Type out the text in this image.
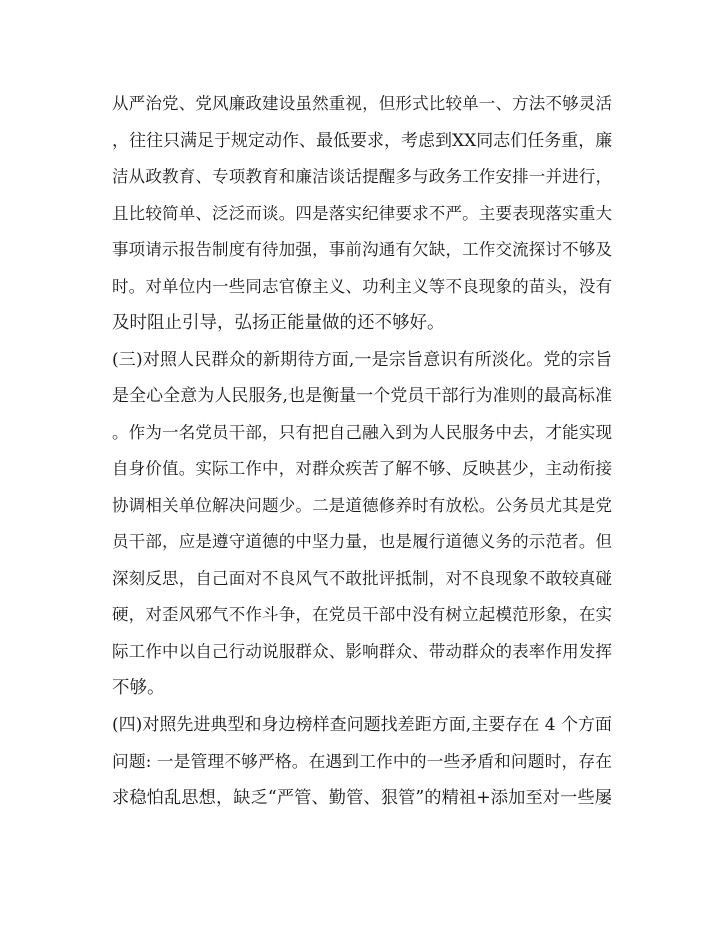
从严治党、党风廉政建设虽然重视，但形式比较单一、方法不够灵活
，往往只满足于规定动作、最低要求，考虑到XX同志们任务重，廉
洁从政教育、专项教育和廉洁谈话提醒多与政务工作安排一并进行，
且比较简单、泛泛而谈。四是落实纪律要求不严。主要表现落实重大
事项请示报告制度有待加强，事前沟通有欠缺，工作交流探讨不够及
时。对单位内一些同志官僚主义、功利主义等不良现象的苗头，没有
及时阻止引导，弘扬正能量做的还不够好。
(三)对照人民群众的新期待方面,一是宗旨意识有所淡化。党的宗旨
是全心全意为人民服务,也是衡量一个党员干部行为准则的最高标准
。作为一名党员干部，只有把自己融入到为人民服务中去，才能实现
自身价值。实际工作中，对群众疾苦了解不够、反映甚少，主动衔接
协调相关单位解决问题少。二是道德修养时有放松。公务员尤其是党
员干部，应是遵守道德的中坚力量，也是履行道德义务的示范者。但
深刻反思，自己面对不良风气不敢批评抵制，对不良现象不敢较真碰
硬，对歪风邪气不作斗争，在党员干部中没有树立起模范形象，在实
际工作中以自己行动说服群众、影响群众、带动群众的表率作用发挥
不够。
(四)对照先进典型和身边榜样查问题找差距方面,主要存在 4 个方面
问题: 一是管理不够严格。在遇到工作中的一些矛盾和问题时，存在
求稳怕乱思想，缺乏“严管、勤管、狠管”的精祖+添加至对一些屡
